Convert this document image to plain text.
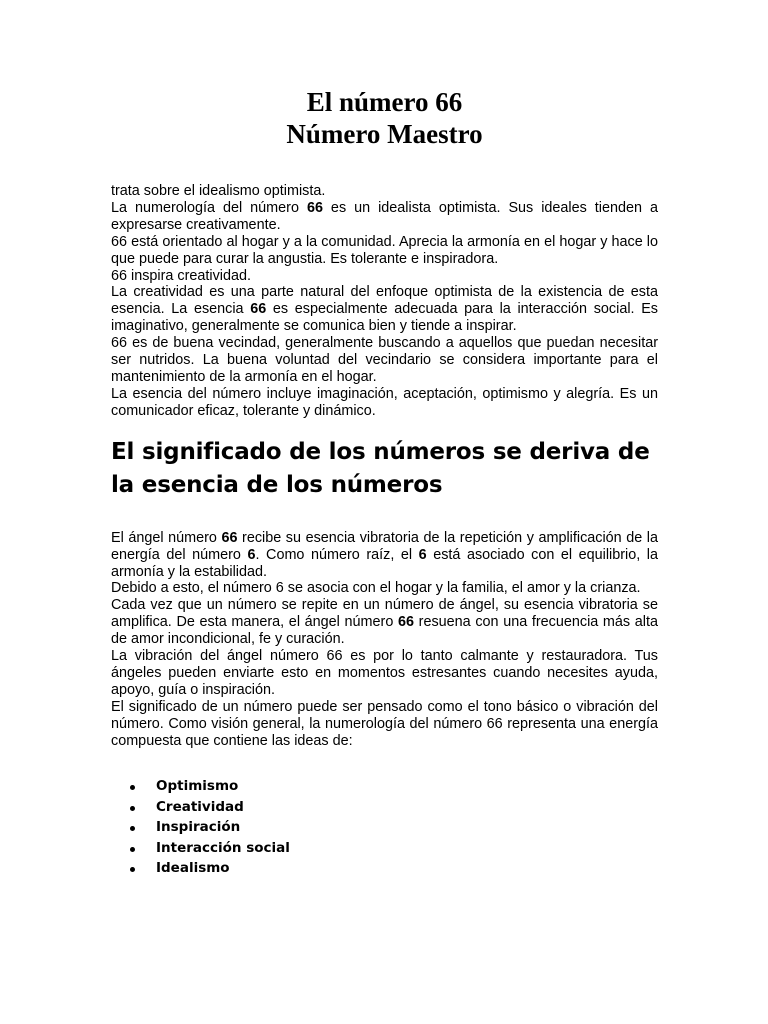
El número 66
Número Maestro

trata sobre el idealismo optimista.

La numerología del número 66 es un idealista optimista. Sus ideales tienden a expresarse creativamente.

66 está orientado al hogar y a la comunidad. Aprecia la armonía en el hogar y hace lo que puede para curar la angustia. Es tolerante e inspiradora.

66 inspira creatividad.

La creatividad es una parte natural del enfoque optimista de la existencia de esta esencia. La esencia 66 es especialmente adecuada para la interacción social. Es imaginativo, generalmente se comunica bien y tiende a inspirar.

66 es de buena vecindad, generalmente buscando a aquellos que puedan necesitar ser nutridos. La buena voluntad del vecindario se considera importante para el mantenimiento de la armonía en el hogar.

La esencia del número incluye imaginación, aceptación, optimismo y alegría. Es un comunicador eficaz, tolerante y dinámico.

El significado de los números se deriva de la esencia de los números

El ángel número 66 recibe su esencia vibratoria de la repetición y amplificación de la energía del número 6. Como número raíz, el 6 está asociado con el equilibrio, la armonía y la estabilidad.

Debido a esto, el número 6 se asocia con el hogar y la familia, el amor y la crianza.

Cada vez que un número se repite en un número de ángel, su esencia vibratoria se amplifica. De esta manera, el ángel número 66 resuena con una frecuencia más alta de amor incondicional, fe y curación.

La vibración del ángel número 66 es por lo tanto calmante y restauradora. Tus ángeles pueden enviarte esto en momentos estresantes cuando necesites ayuda, apoyo, guía o inspiración.

El significado de un número puede ser pensado como el tono básico o vibración del número. Como visión general, la numerología del número 66 representa una energía compuesta que contiene las ideas de:

Optimismo
Creatividad
Inspiración
Interacción social
Idealismo
